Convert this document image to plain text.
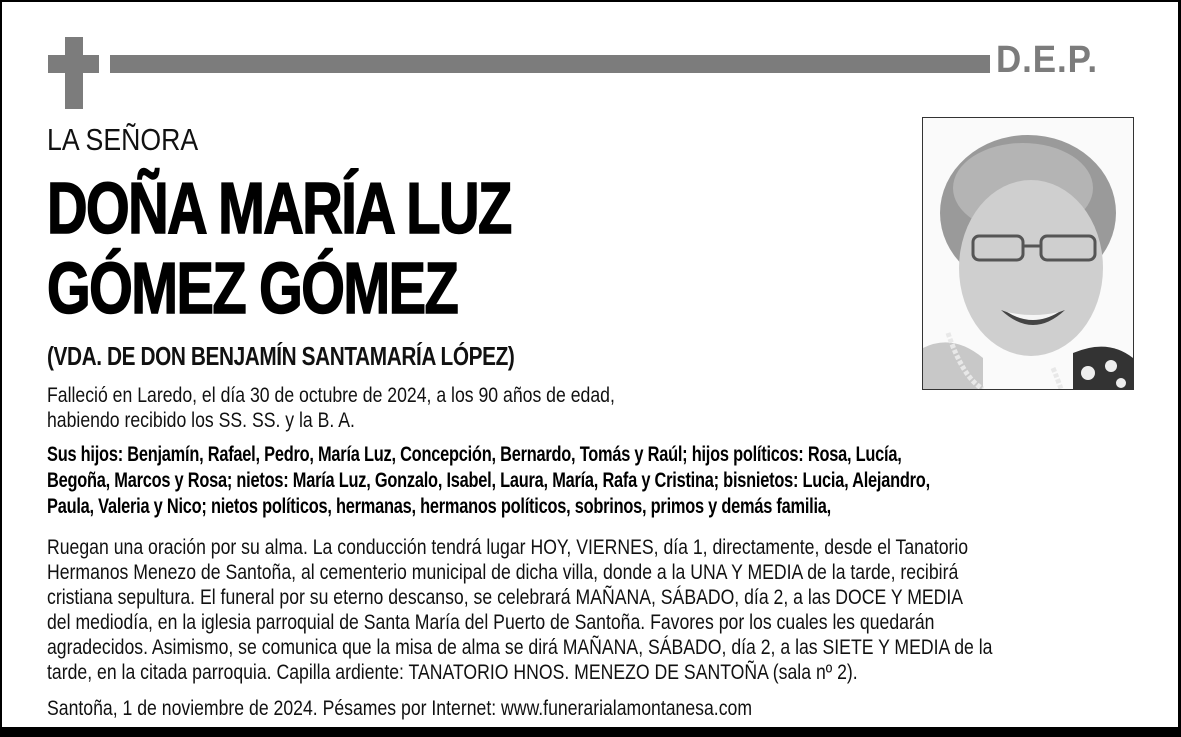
D.E.P.
LA SEÑORA
DOÑA MARÍA LUZ
GÓMEZ GÓMEZ
(VDA. DE DON BENJAMÍN SANTAMARÍA LÓPEZ)
Falleció en Laredo, el día 30 de octubre de 2024, a los 90 años de edad,
habiendo recibido los SS. SS. y la B. A.
Sus hijos: Benjamín, Rafael, Pedro, María Luz, Concepción, Bernardo, Tomás y Raúl; hijos políticos: Rosa, Lucía,
Begoña, Marcos y Rosa; nietos: María Luz, Gonzalo, Isabel, Laura, María, Rafa y Cristina; bisnietos: Lucia, Alejandro,
Paula, Valeria y Nico; nietos políticos, hermanas, hermanos políticos, sobrinos, primos y demás familia,
Ruegan una oración por su alma. La conducción tendrá lugar HOY, VIERNES, día 1, directamente, desde el Tanatorio
Hermanos Menezo de Santoña, al cementerio municipal de dicha villa, donde a la UNA Y MEDIA de la tarde, recibirá
cristiana sepultura. El funeral por su eterno descanso, se celebrará MAÑANA, SÁBADO, día 2, a las DOCE Y MEDIA
del mediodía, en la iglesia parroquial de Santa María del Puerto de Santoña. Favores por los cuales les quedarán
agradecidos. Asimismo, se comunica que la misa de alma se dirá MAÑANA, SÁBADO, día 2, a las SIETE Y MEDIA de la
tarde, en la citada parroquia. Capilla ardiente: TANATORIO HNOS. MENEZO DE SANTOÑA (sala nº 2).
Santoña, 1 de noviembre de 2024. Pésames por Internet: www.funerarialamontanesa.com
